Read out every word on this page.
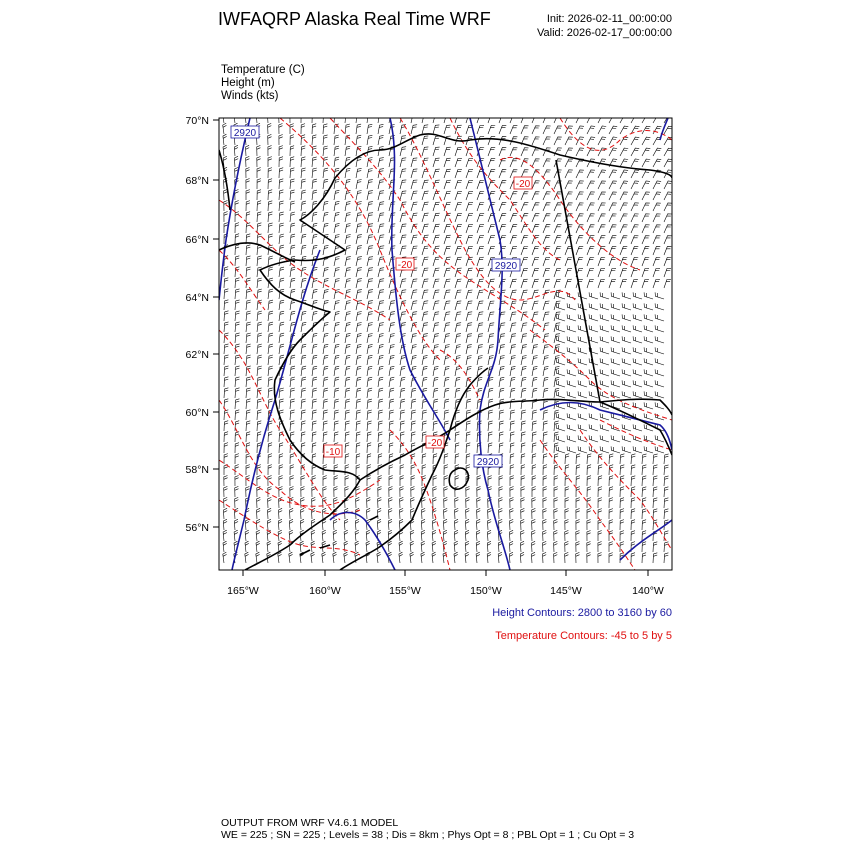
IWFAQRP Alaska Real Time WRF	Init: 2026-02-11_00:00:00
Valid: 2026-02-17_00:00:00
Temperature (C)
Height (m)
Winds (kts)
70°N
68°N
66°N
64°N
62°N
60°N
58°N
56°N
165°W	160°W	155°W	150°W	145°W	140°W
2920
2920
2920
-20
-20
-10
-20
Height Contours: 2800 to 3160 by 60
Temperature Contours: -45 to 5 by 5
OUTPUT FROM WRF V4.6.1 MODEL
WE = 225 ; SN = 225 ; Levels = 38 ; Dis = 8km ; Phys Opt = 8 ; PBL Opt = 1 ; Cu Opt = 3
